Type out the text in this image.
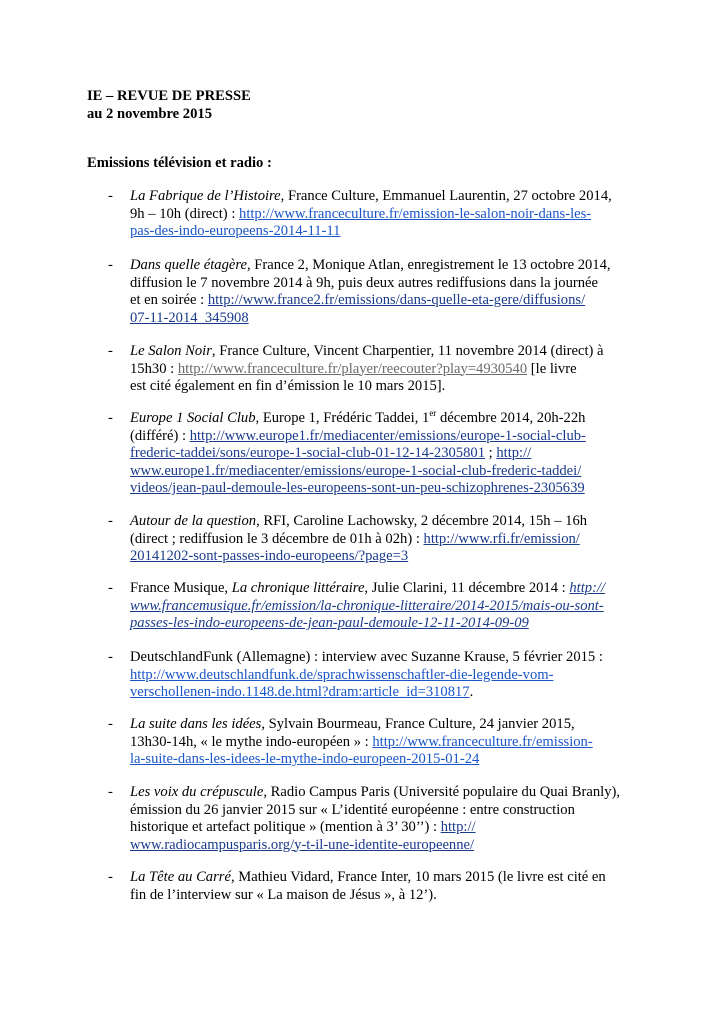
IE – REVUE DE PRESSE
au 2 novembre 2015
Emissions télévision et radio :
- La Fabrique de l’Histoire, France Culture, Emmanuel Laurentin, 27 octobre 2014,
9h – 10h (direct) : http://www.franceculture.fr/emission-le-salon-noir-dans-les-
pas-des-indo-europeens-2014-11-11
- Dans quelle étagère, France 2, Monique Atlan, enregistrement le 13 octobre 2014,
diffusion le 7 novembre 2014 à 9h, puis deux autres rediffusions dans la journée
et en soirée : http://www.france2.fr/emissions/dans-quelle-eta-gere/diffusions/
07-11-2014_345908
- Le Salon Noir, France Culture, Vincent Charpentier, 11 novembre 2014 (direct) à
15h30 : http://www.franceculture.fr/player/reecouter?play=4930540 [le livre
est cité également en fin d’émission le 10 mars 2015].
- Europe 1 Social Club, Europe 1, Frédéric Taddei, 1er décembre 2014, 20h-22h
(différé) : http://www.europe1.fr/mediacenter/emissions/europe-1-social-club-
frederic-taddei/sons/europe-1-social-club-01-12-14-2305801 ; http://
www.europe1.fr/mediacenter/emissions/europe-1-social-club-frederic-taddei/
videos/jean-paul-demoule-les-europeens-sont-un-peu-schizophrenes-2305639
- Autour de la question, RFI, Caroline Lachowsky, 2 décembre 2014, 15h – 16h
(direct ; rediffusion le 3 décembre de 01h à 02h) : http://www.rfi.fr/emission/
20141202-sont-passes-indo-europeens/?page=3
- France Musique, La chronique littéraire, Julie Clarini, 11 décembre 2014 : http://
www.francemusique.fr/emission/la-chronique-litteraire/2014-2015/mais-ou-sont-
passes-les-indo-europeens-de-jean-paul-demoule-12-11-2014-09-09
- DeutschlandFunk (Allemagne) : interview avec Suzanne Krause, 5 février 2015 :
http://www.deutschlandfunk.de/sprachwissenschaftler-die-legende-vom-
verschollenen-indo.1148.de.html?dram:article_id=310817.
- La suite dans les idées, Sylvain Bourmeau, France Culture, 24 janvier 2015,
13h30-14h, « le mythe indo-européen » : http://www.franceculture.fr/emission-
la-suite-dans-les-idees-le-mythe-indo-europeen-2015-01-24
- Les voix du crépuscule, Radio Campus Paris (Université populaire du Quai Branly),
émission du 26 janvier 2015 sur « L’identité européenne : entre construction
historique et artefact politique » (mention à 3’ 30’’) : http://
www.radiocampusparis.org/y-t-il-une-identite-europeenne/
- La Tête au Carré, Mathieu Vidard, France Inter, 10 mars 2015 (le livre est cité en
fin de l’interview sur « La maison de Jésus », à 12’).
